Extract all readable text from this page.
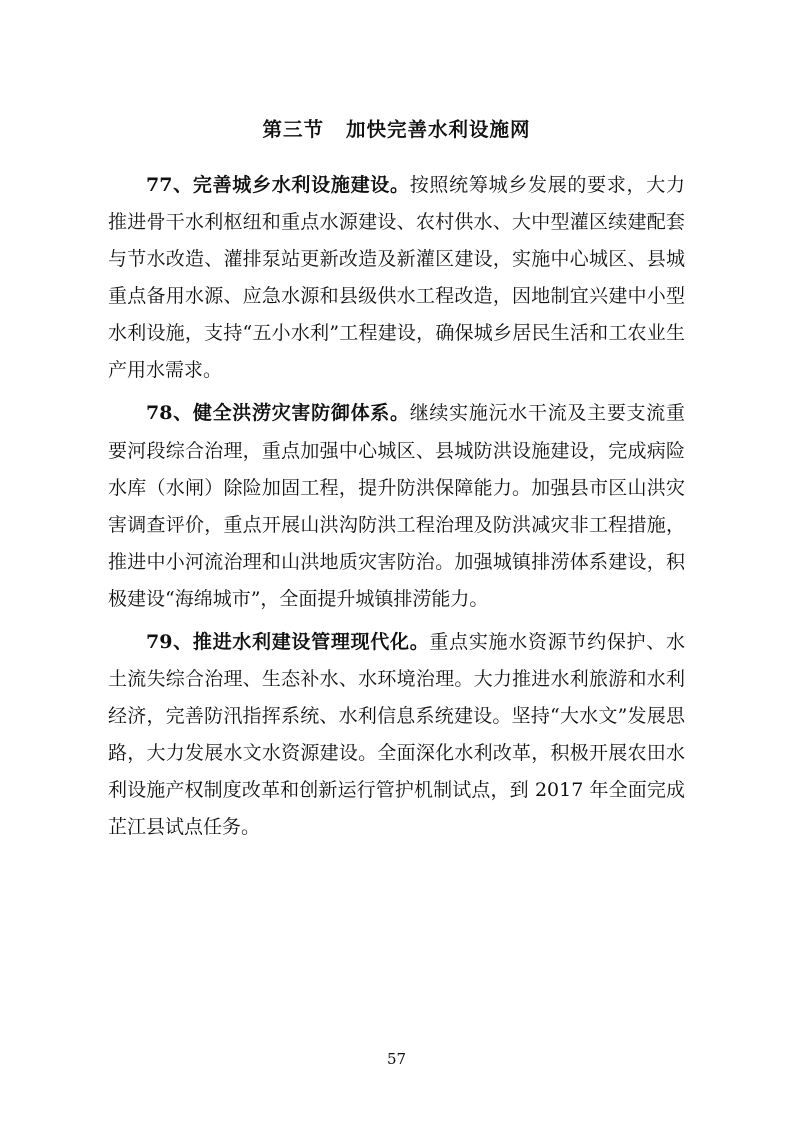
第三节 加快完善水利设施网

77、完善城乡水利设施建设。按照统筹城乡发展的要求，大力推进骨干水利枢纽和重点水源建设、农村供水、大中型灌区续建配套与节水改造、灌排泵站更新改造及新灌区建设，实施中心城区、县城重点备用水源、应急水源和县级供水工程改造，因地制宜兴建中小型水利设施，支持“五小水利”工程建设，确保城乡居民生活和工农业生产用水需求。

78、健全洪涝灾害防御体系。继续实施沅水干流及主要支流重要河段综合治理，重点加强中心城区、县城防洪设施建设，完成病险水库（水闸）除险加固工程，提升防洪保障能力。加强县市区山洪灾害调查评价，重点开展山洪沟防洪工程治理及防洪减灾非工程措施，推进中小河流治理和山洪地质灾害防治。加强城镇排涝体系建设，积极建设“海绵城市”，全面提升城镇排涝能力。

79、推进水利建设管理现代化。重点实施水资源节约保护、水土流失综合治理、生态补水、水环境治理。大力推进水利旅游和水利经济，完善防汛指挥系统、水利信息系统建设。坚持“大水文”发展思路，大力发展水文水资源建设。全面深化水利改革，积极开展农田水利设施产权制度改革和创新运行管护机制试点，到 2017 年全面完成芷江县试点任务。

57
